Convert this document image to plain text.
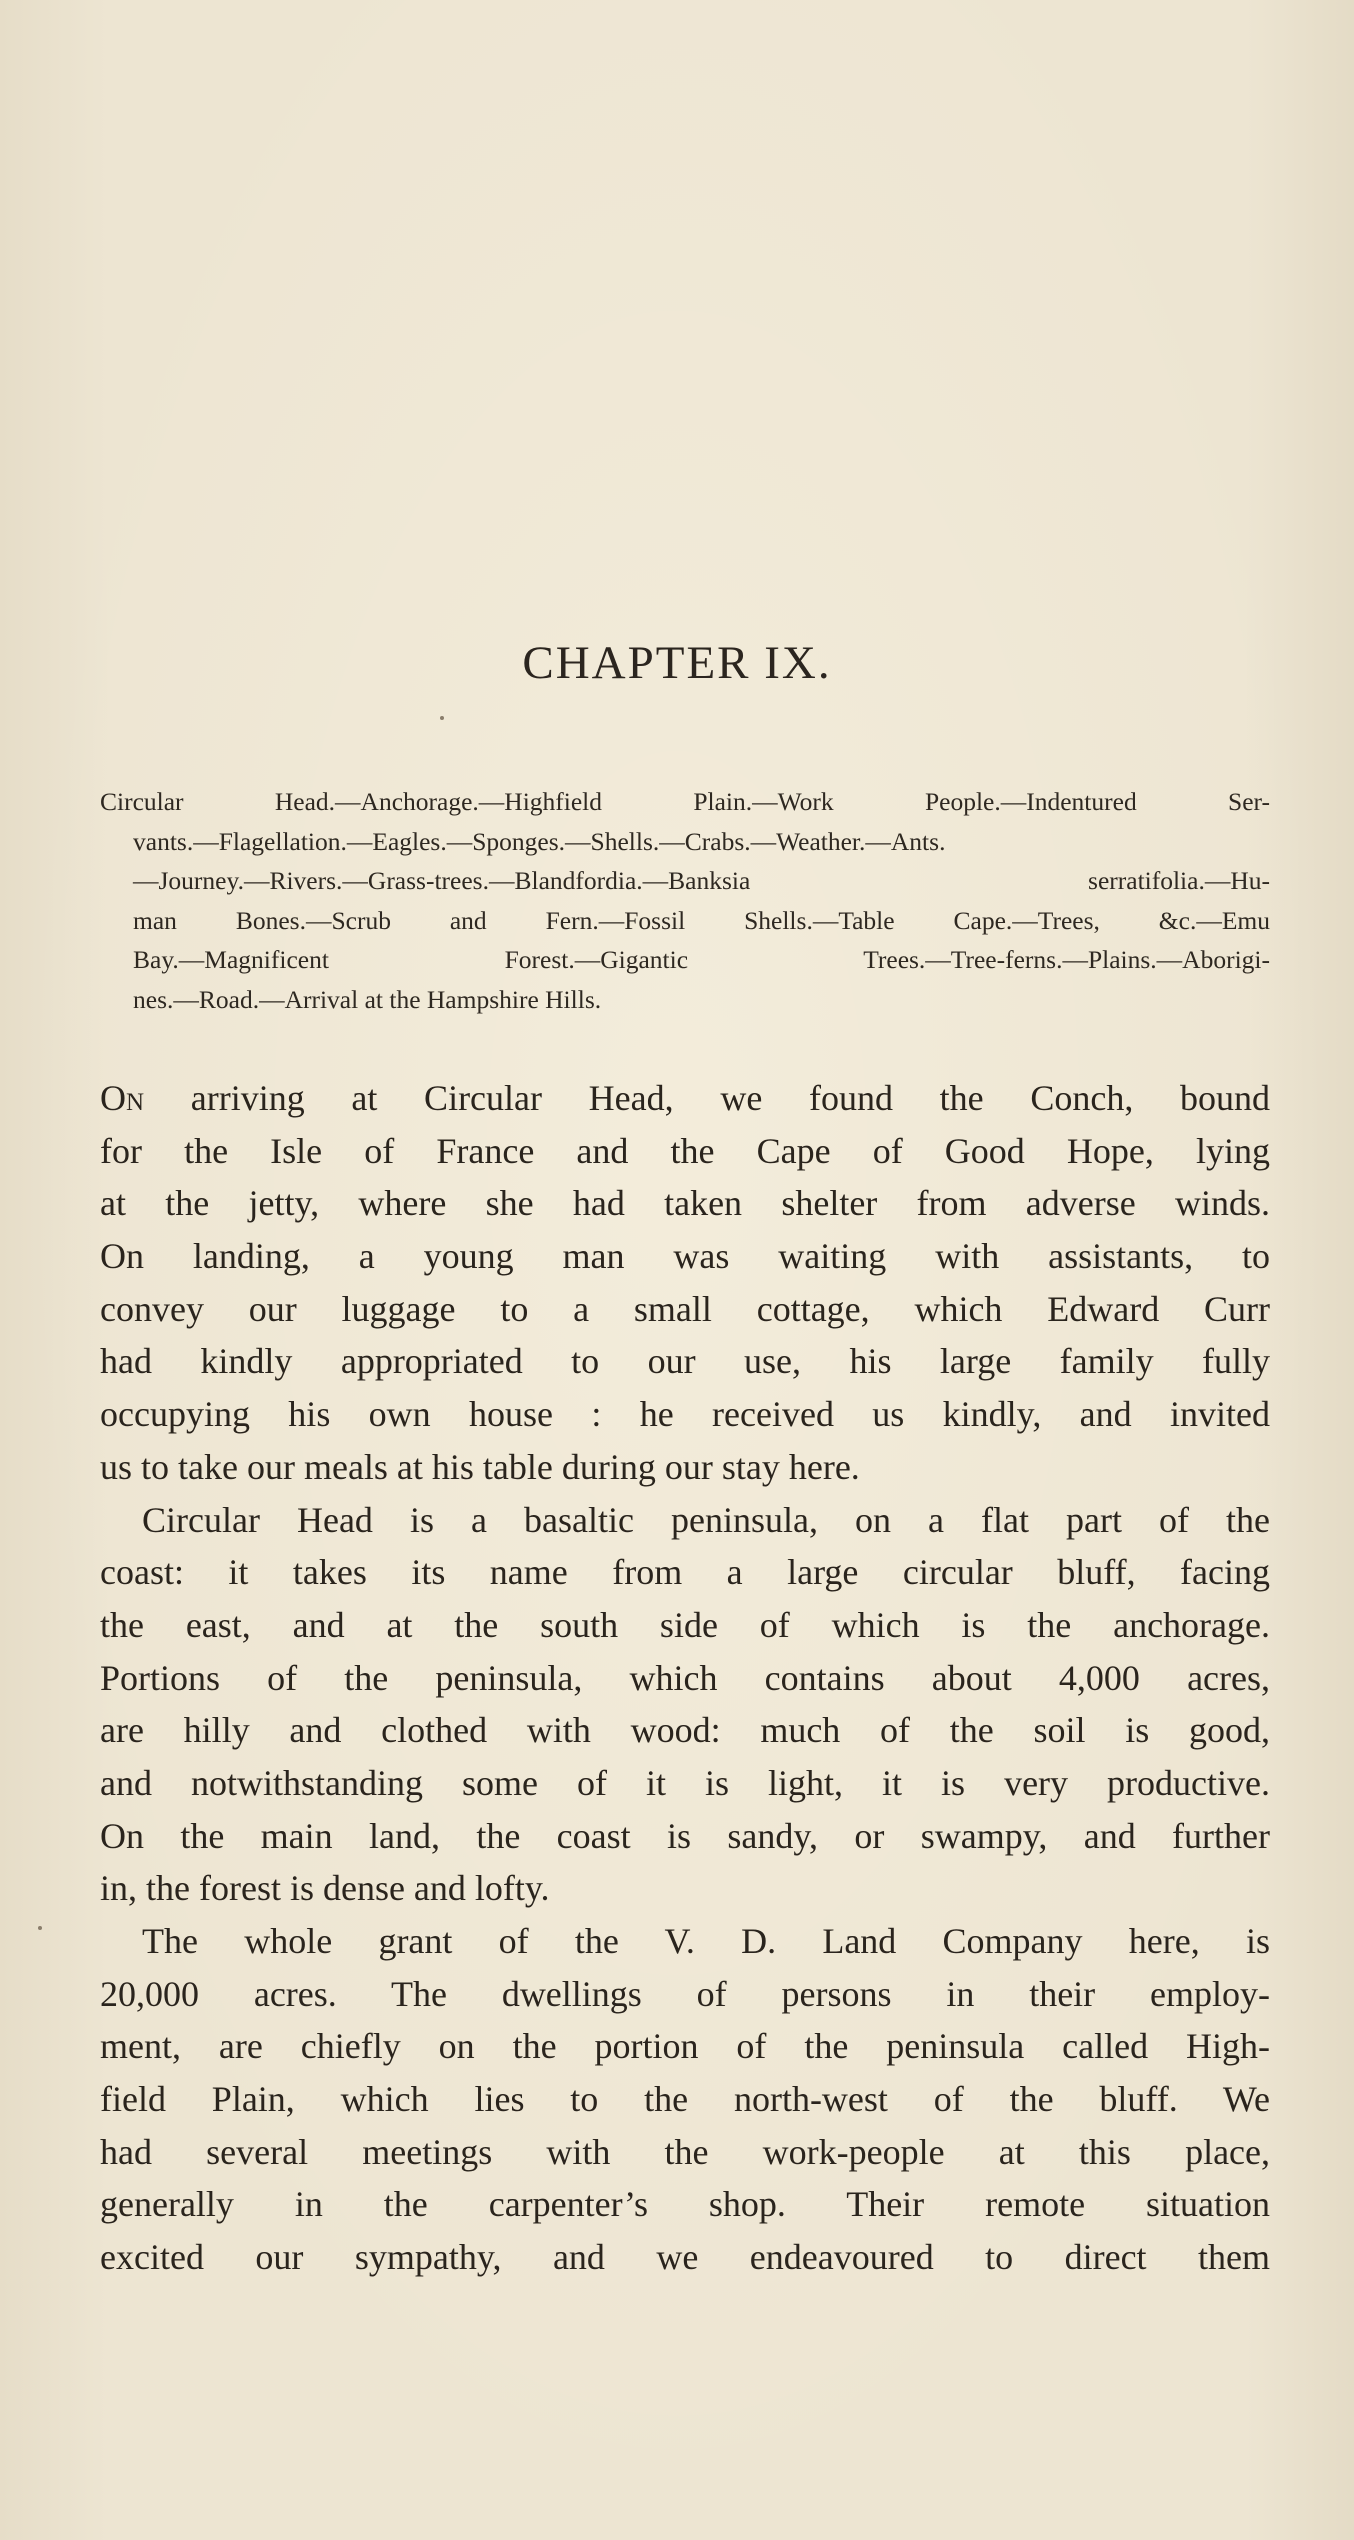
CHAPTER IX.
Circular Head.—Anchorage.—Highfield Plain.—Work People.—Indentured Ser-
vants.—Flagellation.—Eagles.—Sponges.—Shells.—Crabs.—Weather.—Ants.
—Journey.—Rivers.—Grass-trees.—Blandfordia.—Banksia serratifolia.—Hu-
man Bones.—Scrub and Fern.—Fossil Shells.—Table Cape.—Trees, &c.—Emu
Bay.—Magnificent Forest.—Gigantic Trees.—Tree-ferns.—Plains.—Aborigi-
nes.—Road.—Arrival at the Hampshire Hills.
On arriving at Circular Head, we found the Conch, bound
for the Isle of France and the Cape of Good Hope, lying
at the jetty, where she had taken shelter from adverse winds.
On landing, a young man was waiting with assistants, to
convey our luggage to a small cottage, which Edward Curr
had kindly appropriated to our use, his large family fully
occupying his own house : he received us kindly, and invited
us to take our meals at his table during our stay here.
Circular Head is a basaltic peninsula, on a flat part of the
coast: it takes its name from a large circular bluff, facing
the east, and at the south side of which is the anchorage.
Portions of the peninsula, which contains about 4,000 acres,
are hilly and clothed with wood: much of the soil is good,
and notwithstanding some of it is light, it is very productive.
On the main land, the coast is sandy, or swampy, and further
in, the forest is dense and lofty.
The whole grant of the V. D. Land Company here, is
20,000 acres. The dwellings of persons in their employ-
ment, are chiefly on the portion of the peninsula called High-
field Plain, which lies to the north-west of the bluff. We
had several meetings with the work-people at this place,
generally in the carpenter’s shop. Their remote situation
excited our sympathy, and we endeavoured to direct them
